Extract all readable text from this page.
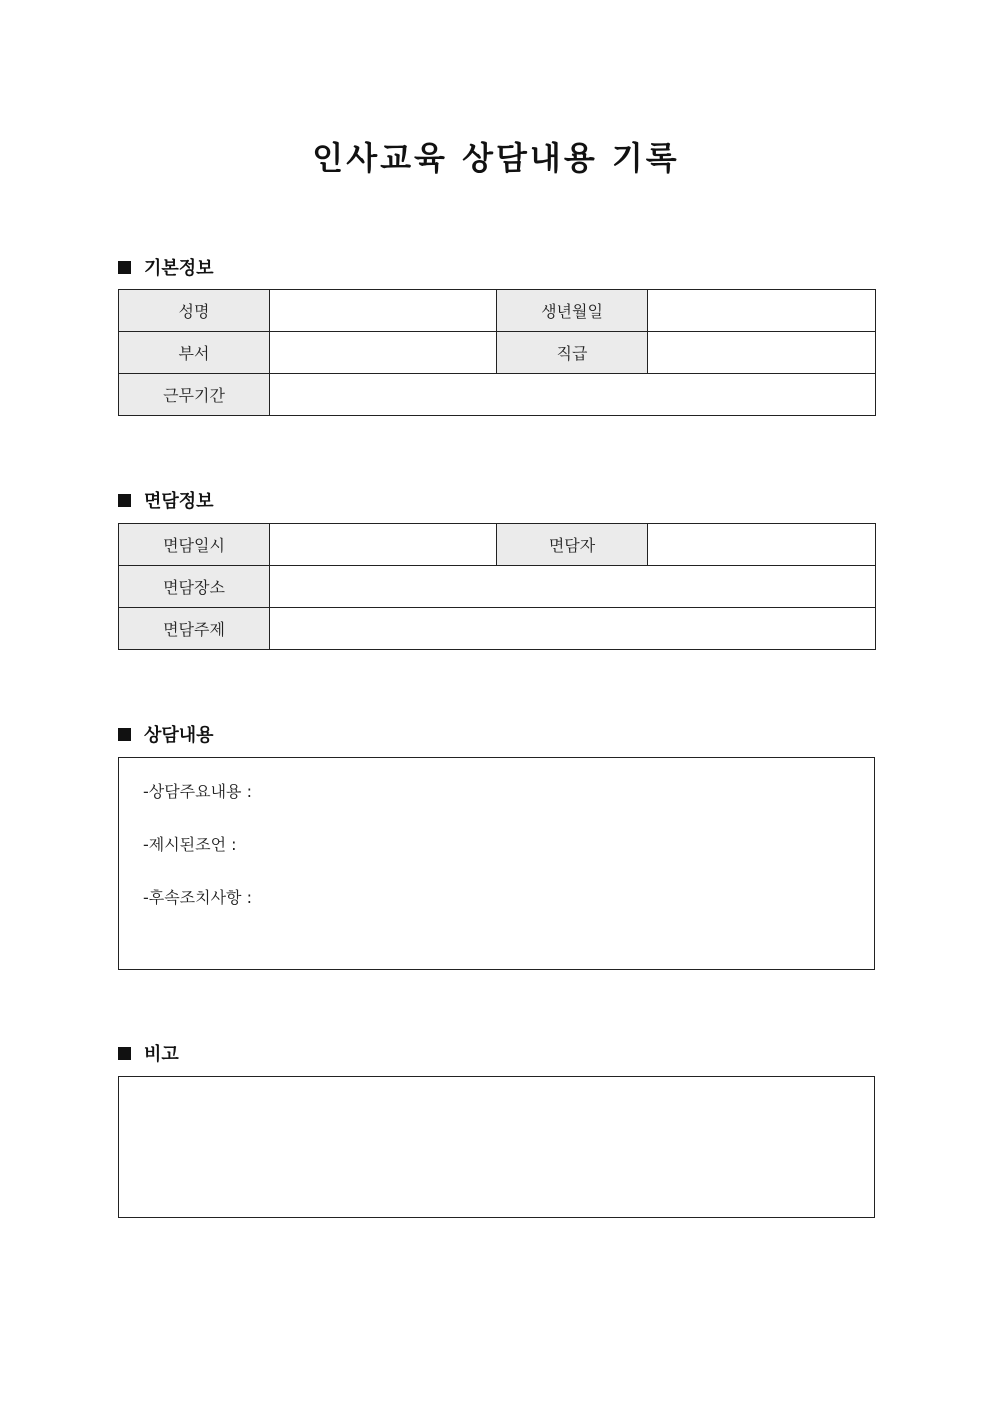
인사교육 상담내용 기록
기본정보
성명		생년월일	
부서		직급	
근무기간			
면담정보
면담일시		면담자	
면담장소			
면담주제			
상담내용
-상담주요내용 :
-제시된조언 :
-후속조치사항 :
비고
